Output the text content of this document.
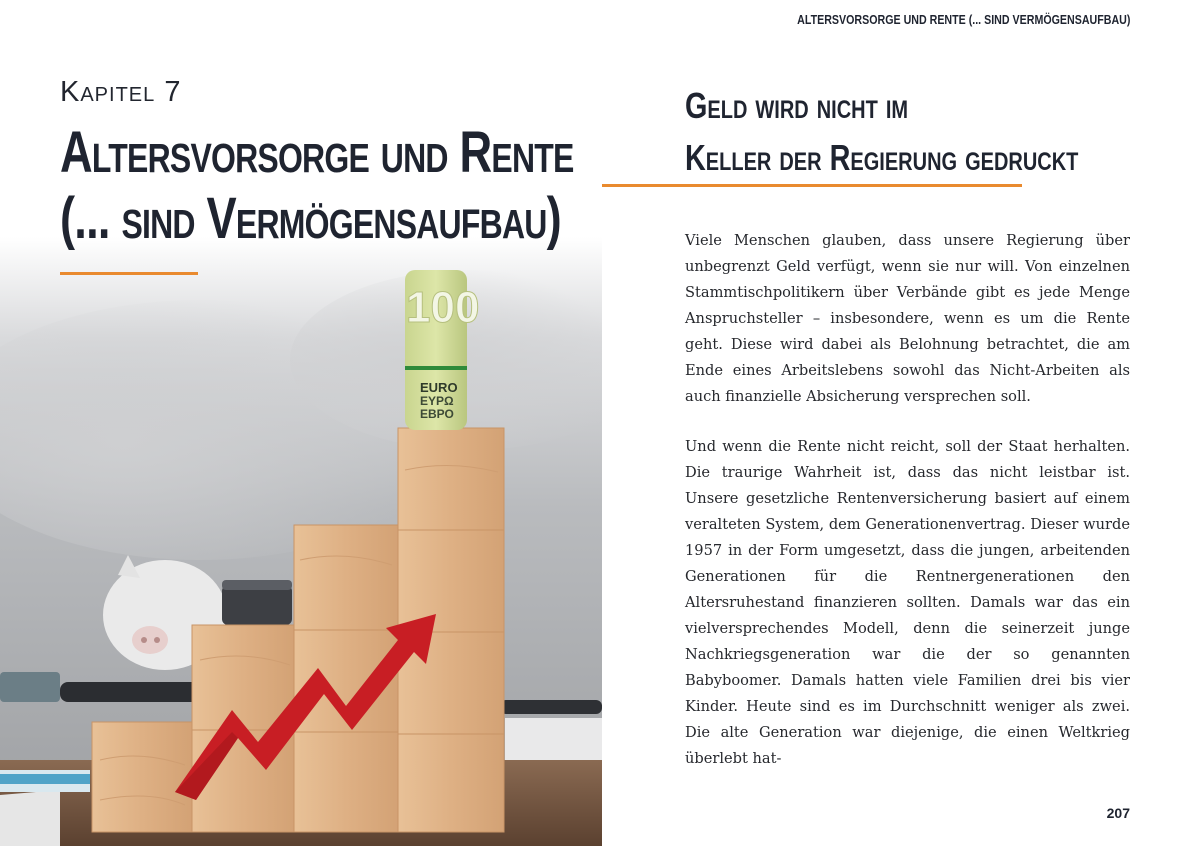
100
EURO
ΕΥΡΩ
ЕВРО
Kapitel 7
Altersvorsorge und Rente
(... sind Vermögensaufbau)
ALTERSVORSORGE UND RENTE (... SIND VERMÖGENSAUFBAU)
Geld wird nicht im
Keller der Regierung gedruckt

Viele Menschen glauben, dass unsere Regierung über unbegrenzt Geld verfügt, wenn sie nur will. Von einzelnen Stammtischpolitikern über Verbände gibt es jede Menge Anspruchsteller – insbesondere, wenn es um die Rente geht. Diese wird dabei als Belohnung betrachtet, die am Ende eines Arbeitslebens sowohl das Nicht-Arbeiten als auch finanzielle Absicherung versprechen soll.

Und wenn die Rente nicht reicht, soll der Staat herhalten. Die traurige Wahrheit ist, dass das nicht leistbar ist. Unsere gesetzliche Rentenversicherung basiert auf einem veralteten System, dem Generationenvertrag. Dieser wurde 1957 in der Form umgesetzt, dass die jungen, arbeitenden Generationen für die Rentnergenerationen den Altersruhestand finanzieren sollten. Damals war das ein vielversprechendes Modell, denn die seinerzeit junge Nachkriegsgeneration war die der so genannten Babyboomer. Damals hatten viele Familien drei bis vier Kinder. Heute sind es im Durchschnitt weniger als zwei. Die alte Generation war diejenige, die einen Weltkrieg überlebt hat-

207
